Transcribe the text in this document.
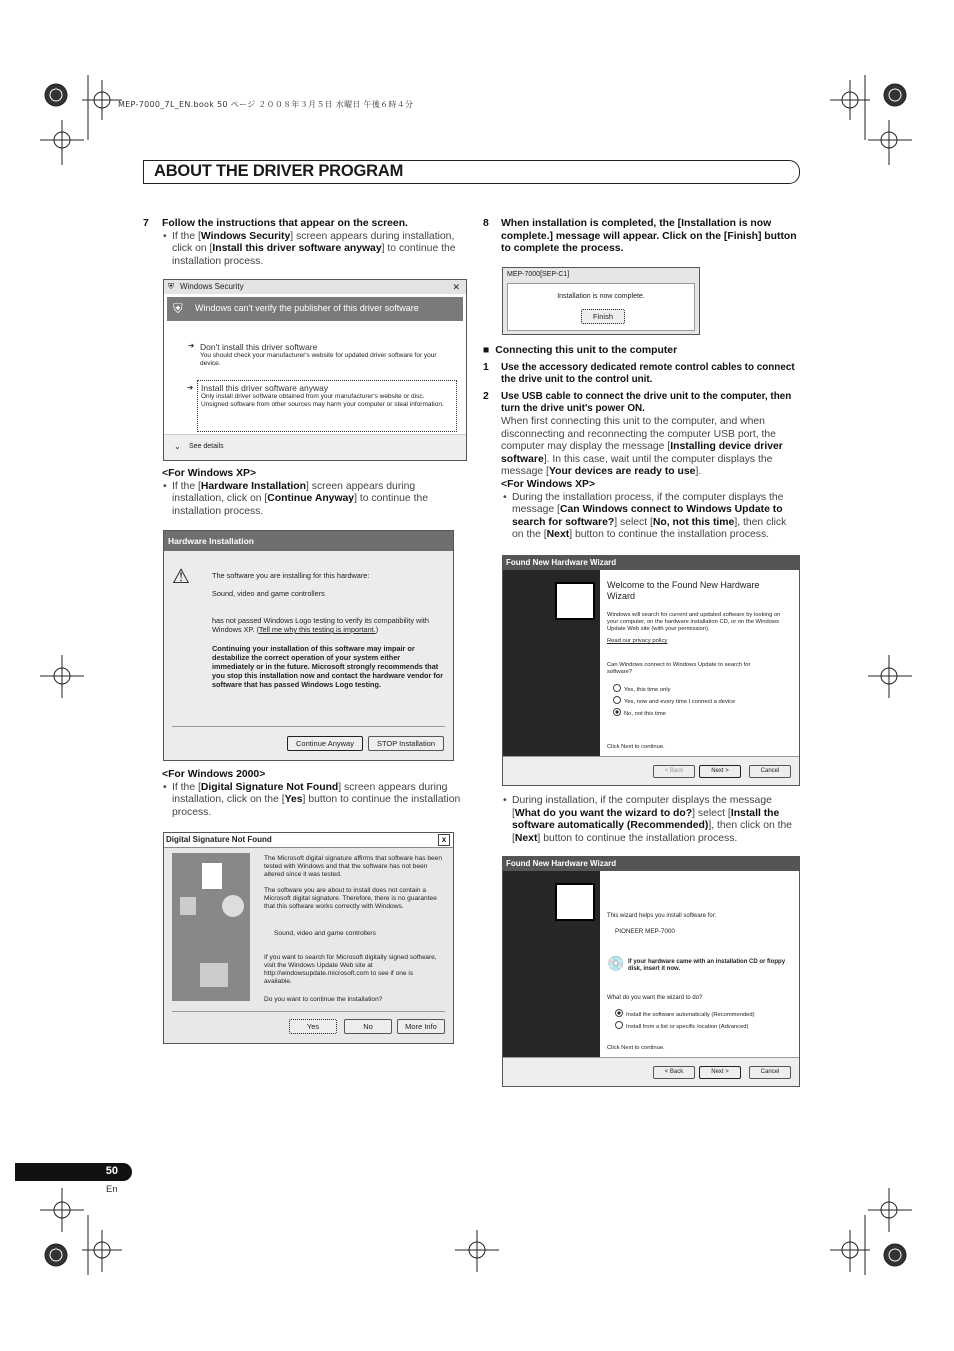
MEP-7000_7L_EN.book 50 ページ ２００８年３月５日 水曜日 午後６時４分
ABOUT THE DRIVER PROGRAM
7 Follow the instructions that appear on the screen.
• If the [Windows Security] screen appears during installation, click on [Install this driver software anyway] to continue the installation process.
⛨ Windows Security	✕
⛨ Windows can't verify the publisher of this driver software
➔ Don't install this driver software
You should check your manufacturer's website for updated driver software for your device.
➔ Install this driver software anyway
Only install driver software obtained from your manufacturer's website or disc. Unsigned software from other sources may harm your computer or steal information.
⌄ See details
<For Windows XP>
• If the [Hardware Installation] screen appears during installation, click on [Continue Anyway] to continue the installation process.
Hardware Installation
⚠	The software you are installing for this hardware:
Sound, video and game controllers
has not passed Windows Logo testing to verify its compatibility with Windows XP. (Tell me why this testing is important.)
Continuing your installation of this software may impair or destabilize the correct operation of your system either immediately or in the future. Microsoft strongly recommends that you stop this installation now and contact the hardware vendor for software that has passed Windows Logo testing.
Continue Anyway	STOP Installation
<For Windows 2000>
• If the [Digital Signature Not Found] screen appears during installation, click on the [Yes] button to continue the installation process.
Digital Signature Not Found	x
The Microsoft digital signature affirms that software has been tested with Windows and that the software has not been altered since it was tested.
The software you are about to install does not contain a Microsoft digital signature. Therefore, there is no guarantee that this software works correctly with Windows.
Sound, video and game controllers
If you want to search for Microsoft digitally signed software, visit the Windows Update Web site at http://windowsupdate.microsoft.com to see if one is available.
Do you want to continue the installation?
Yes	No	More Info
8 When installation is completed, the [Installation is now complete.] message will appear. Click on the [Finish] button to complete the process.
MEP-7000[SEP-C1]
Installation is now complete.
Finish
■ Connecting this unit to the computer
1 Use the accessory dedicated remote control cables to connect the drive unit to the control unit.
2 Use USB cable to connect the drive unit to the computer, then turn the drive unit's power ON.
When first connecting this unit to the computer, and when disconnecting and reconnecting the computer USB port, the computer may display the message [Installing device driver software]. In this case, wait until the computer displays the message [Your devices are ready to use].
<For Windows XP>
• During the installation process, if the computer displays the message [Can Windows connect to Windows Update to search for software?] select [No, not this time], then click on the [Next] button to continue the installation process.
Found New Hardware Wizard
Welcome to the Found New Hardware Wizard
Windows will search for current and updated software by looking on your computer, on the hardware installation CD, or on the Windows Update Web site (with your permission).
Read our privacy policy
Can Windows connect to Windows Update to search for software?
Yes, this time only
Yes, now and every time I connect a device
No, not this time
Click Next to continue.
< Back	Next >	Cancel
• During installation, if the computer displays the message [What do you want the wizard to do?] select [Install the software automatically (Recommended)], then click on the [Next] button to continue the installation process.
Found New Hardware Wizard
This wizard helps you install software for:
PIONEER MEP-7000
💿 If your hardware came with an installation CD or floppy disk, insert it now.
What do you want the wizard to do?
Install the software automatically (Recommended)
Install from a list or specific location (Advanced)
Click Next to continue.
< Back	Next >	Cancel
50
En
